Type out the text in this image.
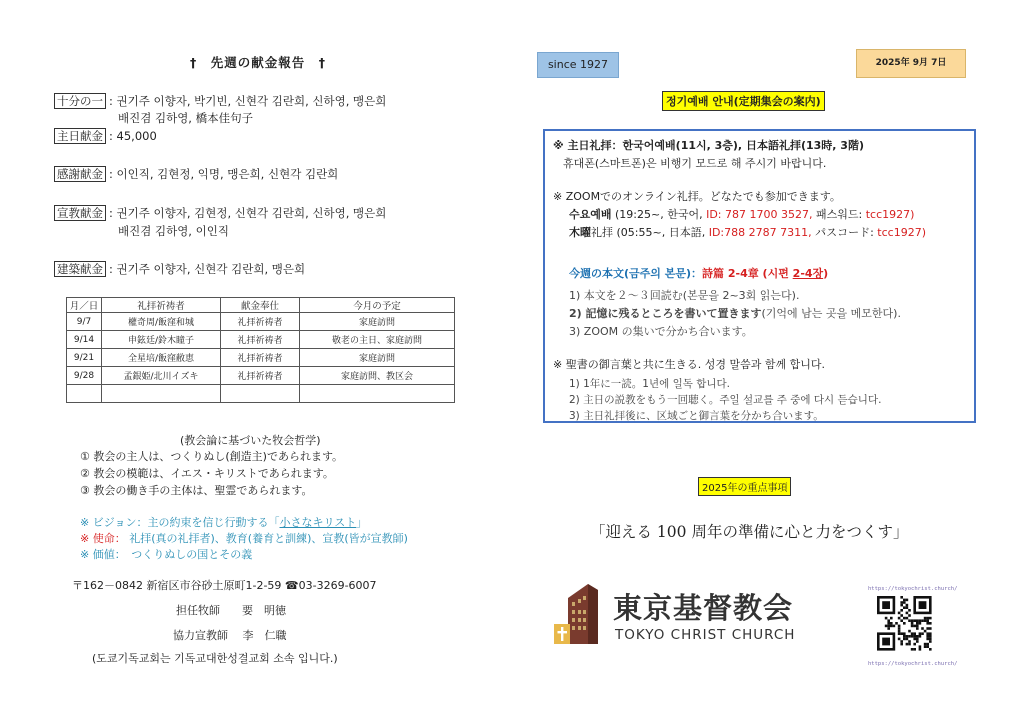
†　先週の献金報告　†
十分の一 : 권기주 이향자, 박기빈, 신현각 김란희, 신하영, 맹은희
배진겸 김하영, 橋本佳句子
主日献金 : 45,000
感謝献金 : 이인직, 김현정, 익명, 맹은희, 신현각 김란희
宣教献金 : 권기주 이향자, 김현정, 신현각 김란희, 신하영, 맹은희
배진겸 김하영, 이인직
建築献金 : 권기주 이향자, 신현각 김란희, 맹은희
月／日	礼拝祈祷者	献金奉仕	今月の予定
9/7	權奇周/飯窪和城	礼拝祈祷者	家庭訪問
9/14	申鉉廷/鈴木瞳子	礼拝祈祷者	敬老の主日、家庭訪問
9/21	全星培/飯窪敝恵	礼拝祈祷者	家庭訪問
9/28	孟銀姫/北川イズキ	礼拝祈祷者	家庭訪問、教区会

(教会論に基づいた牧会哲学)
① 教会の主人は、つくりぬし(創造主)であられます。
② 教会の模範は、イエス・キリストであられます。
③ 教会の働き手の主体は、聖霊であられます。
※ ビジョン：主の約束を信じ行動する「小さなキリスト」
※ 使命： 礼拝(真の礼拝者)、教育(養育と訓練)、宣教(皆が宣教師)
※ 価値：　つくりぬしの国とその義
〒162－0842 新宿区市谷砂土原町1-2-59 ☎03-3269-6007
担任牧師　　要　明徳
協力宣教師　 李　仁職
(도쿄기독교회는 기독교대한성결교회 소속 입니다.)
since 1927	2025年 9月 7日
정기예배 안내(定期集会の案内)
※ 主日礼拝：한국어예배(11시, 3층), 日本語礼拝(13時, 3階)
휴대폰(스마트폰)은 비행기 모드로 해 주시기 바랍니다.
※ ZOOMでのオンライン礼拝。どなたでも参加できます。
수요예배 (19:25~, 한국어, ID: 787 1700 3527, 패스워드: tcc1927)
木曜礼拝 (05:55~, 日本語, ID:788 2787 7311, パスコード: tcc1927)
今週の本文(금주의 본문)：詩篇 2-4章 (시편 2-4장)
1) 本文を２～３回読む(본문을 2~3회 읽는다).
2) 記憶に残るところを書いて置きます(기억에 남는 곳을 메모한다).
3) ZOOM の集いで分かち合います。
※ 聖書の御言葉と共に生きる. 성경 말씀과 함께 합니다.
1) 1年に一読。1년에 일독 합니다.
2) 主日の説教をもう一回聴く。주일 설교를 주 중에 다시 듣습니다.
3) 主日礼拝後に、区域ごと御言葉を分かち合います。
2025年の重点事項
「迎える 100 周年の準備に心と力をつくす」
東京基督教会
TOKYO CHRIST CHURCH
https://tokyochrist.church/
https://tokyochrist.church/
